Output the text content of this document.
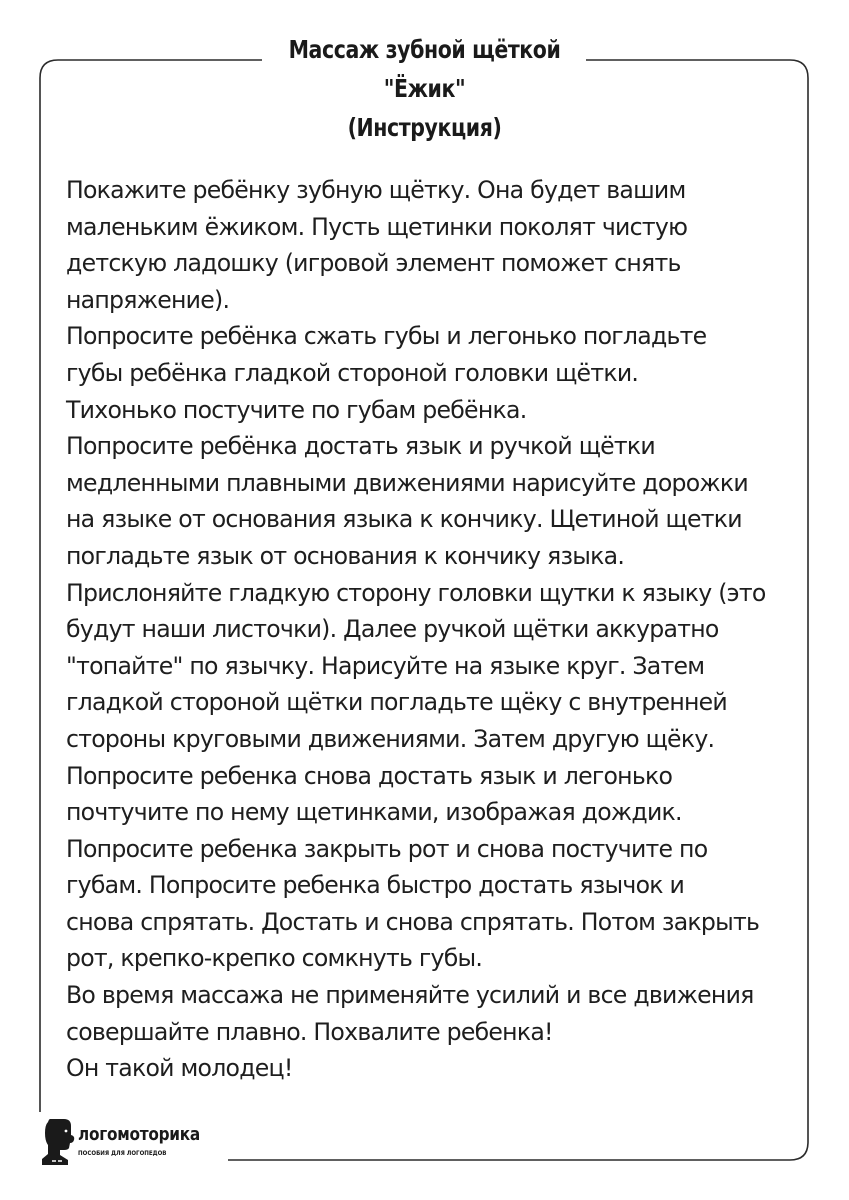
Массаж зубной щёткой
"Ёжик"
(Инструкция)
Покажите ребёнку зубную щётку. Она будет вашим
маленьким ёжиком. Пусть щетинки поколят чистую
детскую ладошку (игровой элемент поможет снять
напряжение).
Попросите ребёнка сжать губы и легонько погладьте
губы ребёнка гладкой стороной головки щётки.
Тихонько постучите по губам ребёнка.
Попросите ребёнка достать язык и ручкой щётки
медленными плавными движениями нарисуйте дорожки
на языке от основания языка к кончику. Щетиной щетки
погладьте язык от основания к кончику языка.
Прислоняйте гладкую сторону головки щутки к языку (это
будут наши листочки). Далее ручкой щётки аккуратно
"топайте" по язычку. Нарисуйте на языке круг. Затем
гладкой стороной щётки погладьте щёку с внутренней
стороны круговыми движениями. Затем другую щёку.
Попросите ребенка снова достать язык и легонько
почтучите по нему щетинками, изображая дождик.
Попросите ребенка закрыть рот и снова постучите по
губам. Попросите ребенка быстро достать язычок и
снова спрятать. Достать и снова спрятать. Потом закрыть
рот, крепко-крепко сомкнуть губы.
Во время массажа не применяйте усилий и все движения
совершайте плавно. Похвалите ребенка!
Он такой молодец!
логомоторика
ПОСОБИЯ ДЛЯ ЛОГОПЕДОВ
